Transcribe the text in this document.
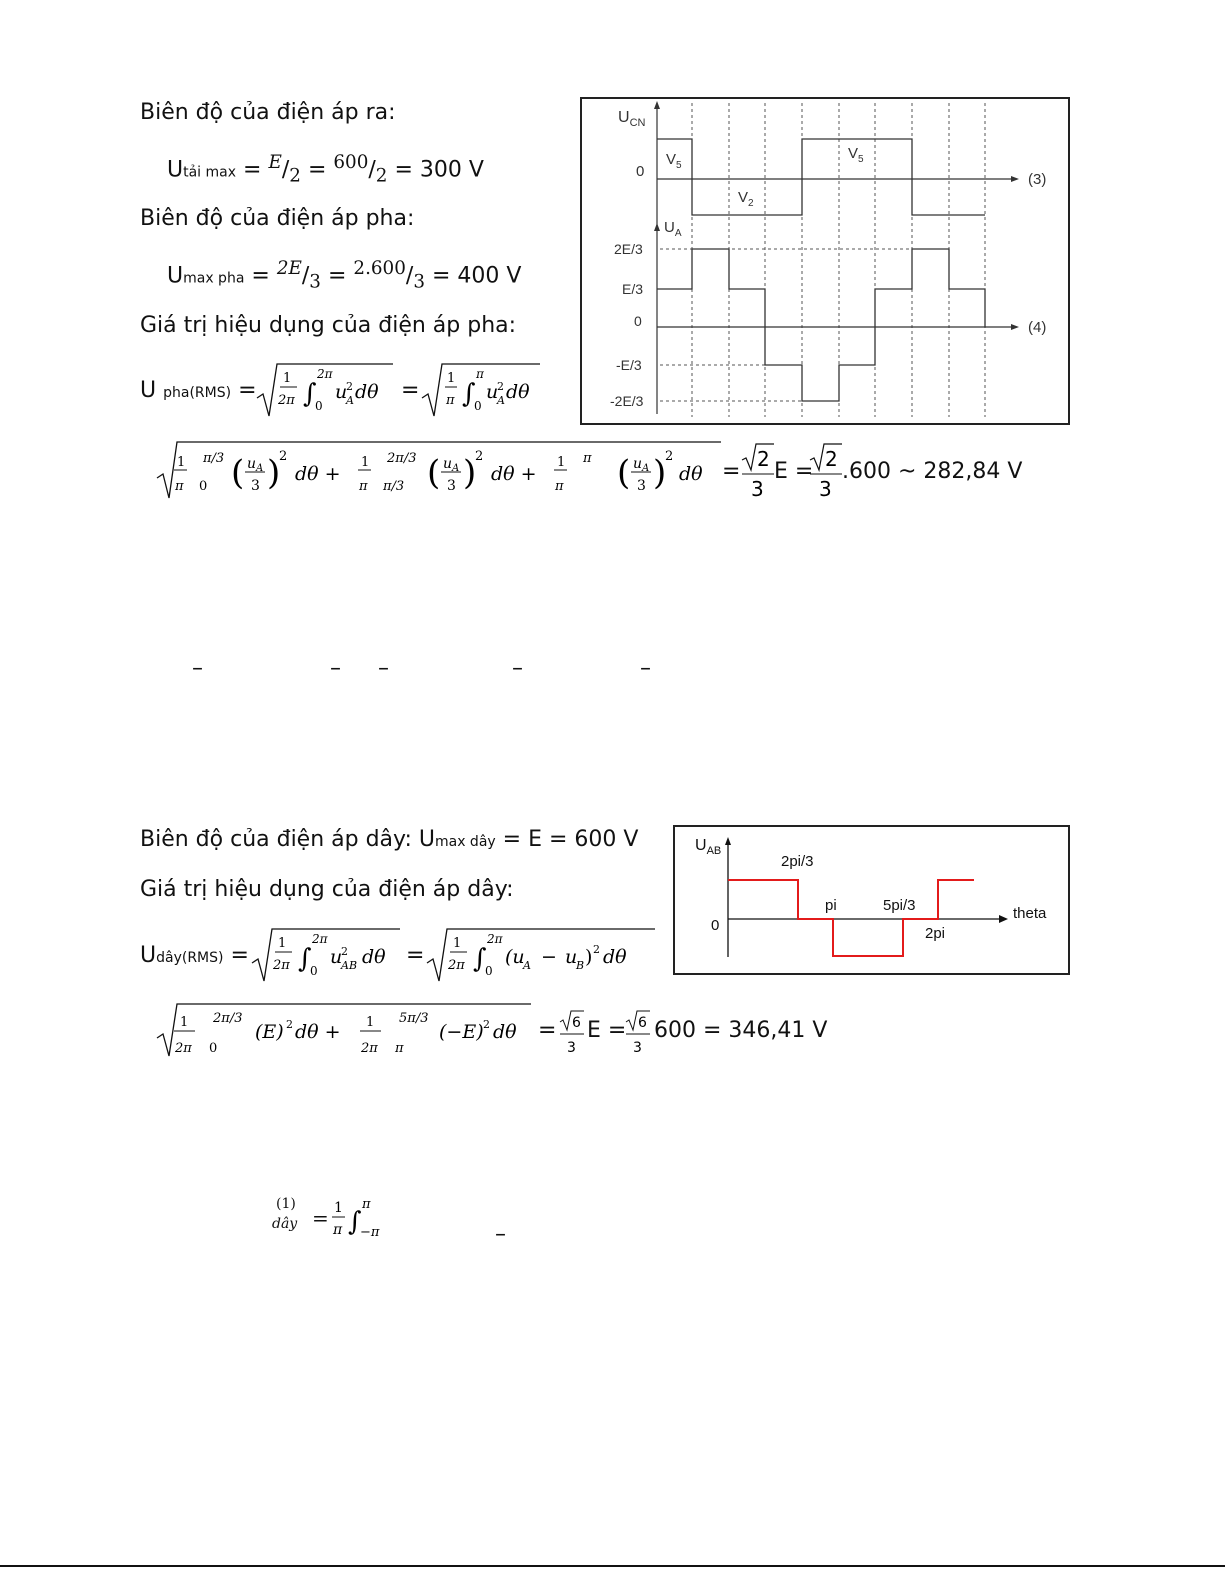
Biên độ của điện áp ra:
Utải $\max = ^E/_2 = ^{600}/_2 = 300$ V
Biên độ của điện áp pha:
Umax pha = $^{2E}/_3 = ^{2.600}/_3 = 400$ V
Giá trị hiệu dụng của điện áp pha:
U pha(RMS) = 1
2π ∫
2π
0
u
2
A dθ = 1
π ∫
π
0
u
2
A dθ
1
π
π/3
0 ( $u_A$
3 )
2
dθ +
1
π
2π/3
π/3 ( $u_A$
3 )
2
dθ +
1
π
π ( $u_A$
3 )
2
dθ = 2
3
E = 2
3
.600 ~ 282,84 V
–	– –	–	–
$U_{CN}$
0
$V_5$
$V_2$
$V_5$
(3)
$U_A$
2E/3
E/3
0
-E/3
-2E/3
(4)
Biên độ của điện áp dây: Umax dây = E = 600 V
Giá trị hiệu dụng của điện áp dây:
Udây(RMS) = 1
2π ∫
2π
0
u
2
AB dθ = 1
2π ∫
2π
0
(u
A − u
B ) 2 dθ
1
2π
2π/3
0
(E) 2 dθ + 1
2π
5π/3
π
(−E) 2 dθ = 6
3
E = 6
3
600 = 346,41 V
$U_{AB}$
2pi/3
pi	5pi/3
2pi
0
theta
(1)
dây = 1
π ∫
π
−π	–
